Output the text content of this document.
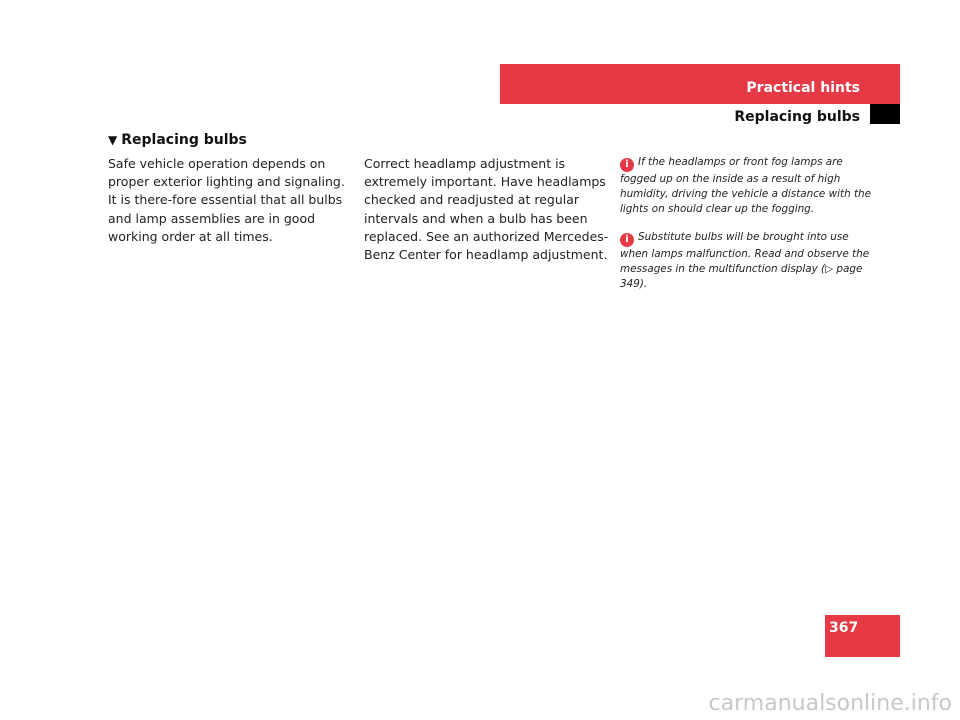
Practical hints
Replacing bulbs
▼ Replacing bulbs
Safe vehicle operation depends on proper exterior lighting and signaling. It is there-fore essential that all bulbs and lamp assemblies are in good working order at all times.
Correct headlamp adjustment is extremely important. Have headlamps checked and readjusted at regular intervals and when a bulb has been replaced. See an authorized Mercedes-Benz Center for headlamp adjustment.

i If the headlamps or front fog lamps are fogged up on the inside as a result of high humidity, driving the vehicle a distance with the lights on should clear up the fogging.

i Substitute bulbs will be brought into use when lamps malfunction. Read and observe the messages in the multifunction display (▷ page 349).

367
carmanualsonline.info
